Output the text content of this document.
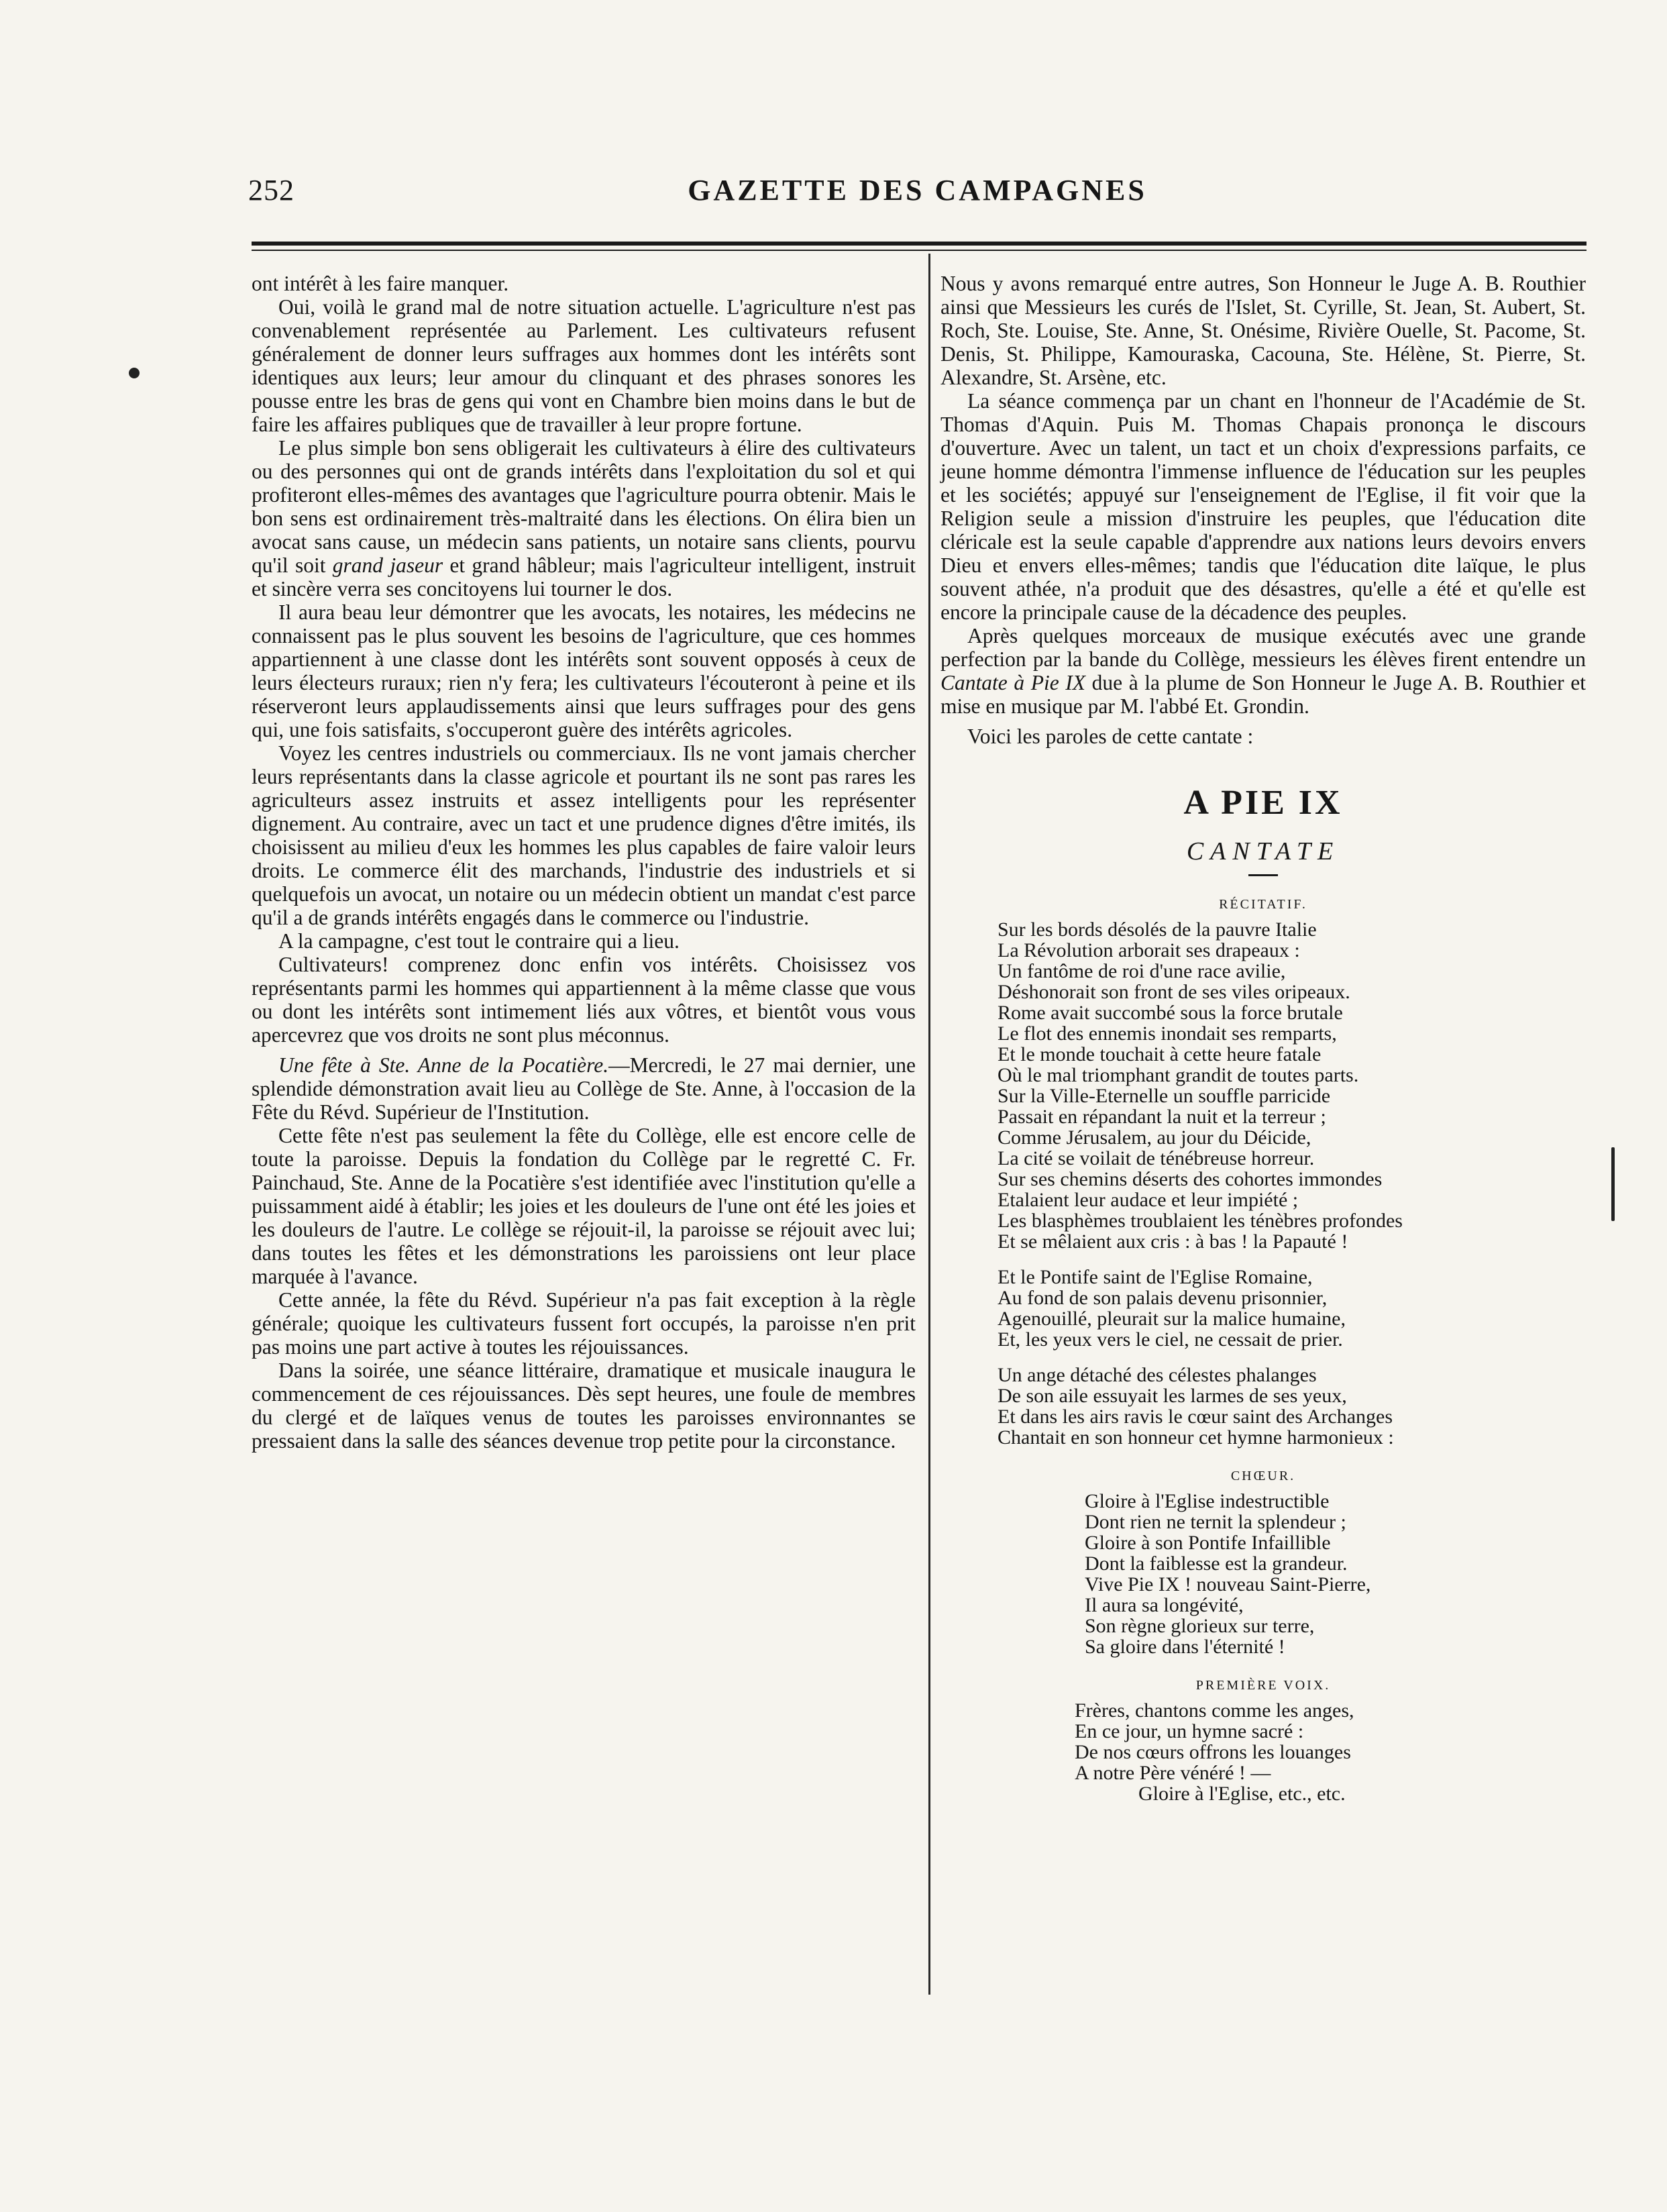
252	GAZETTE DES CAMPAGNES

ont intérêt à les faire manquer.

Oui, voilà le grand mal de notre situation actuelle. L'agriculture n'est pas convenablement représentée au Parlement. Les cultivateurs refusent généralement de donner leurs suffrages aux hommes dont les intérêts sont identiques aux leurs; leur amour du clinquant et des phrases sonores les pousse entre les bras de gens qui vont en Chambre bien moins dans le but de faire les affaires publiques que de travailler à leur propre fortune.

Le plus simple bon sens obligerait les cultivateurs à élire des cultivateurs ou des personnes qui ont de grands intérêts dans l'exploitation du sol et qui profiteront elles-mêmes des avantages que l'agriculture pourra obtenir. Mais le bon sens est ordinairement très-maltraité dans les élections. On élira bien un avocat sans cause, un médecin sans patients, un notaire sans clients, pourvu qu'il soit grand jaseur et grand hâbleur; mais l'agriculteur intelligent, instruit et sincère verra ses concitoyens lui tourner le dos.

Il aura beau leur démontrer que les avocats, les notaires, les médecins ne connaissent pas le plus souvent les besoins de l'agriculture, que ces hommes appartiennent à une classe dont les intérêts sont souvent opposés à ceux de leurs électeurs ruraux; rien n'y fera; les cultivateurs l'écouteront à peine et ils réserveront leurs applaudissements ainsi que leurs suffrages pour des gens qui, une fois satisfaits, s'occuperont guère des intérêts agricoles.

Voyez les centres industriels ou commerciaux. Ils ne vont jamais chercher leurs représentants dans la classe agricole et pourtant ils ne sont pas rares les agriculteurs assez instruits et assez intelligents pour les représenter dignement. Au contraire, avec un tact et une prudence dignes d'être imités, ils choisissent au milieu d'eux les hommes les plus capables de faire valoir leurs droits. Le commerce élit des marchands, l'industrie des industriels et si quelquefois un avocat, un notaire ou un médecin obtient un mandat c'est parce qu'il a de grands intérêts engagés dans le commerce ou l'industrie.

A la campagne, c'est tout le contraire qui a lieu.

Cultivateurs! comprenez donc enfin vos intérêts. Choisissez vos représentants parmi les hommes qui appartiennent à la même classe que vous ou dont les intérêts sont intimement liés aux vôtres, et bientôt vous vous apercevrez que vos droits ne sont plus méconnus.

Une fête à Ste. Anne de la Pocatière.—Mercredi, le 27 mai dernier, une splendide démonstration avait lieu au Collège de Ste. Anne, à l'occasion de la Fête du Révd. Supérieur de l'Institution.

Cette fête n'est pas seulement la fête du Collège, elle est encore celle de toute la paroisse. Depuis la fondation du Collège par le regretté C. Fr. Painchaud, Ste. Anne de la Pocatière s'est identifiée avec l'institution qu'elle a puissamment aidé à établir; les joies et les douleurs de l'une ont été les joies et les douleurs de l'autre. Le collège se réjouit-il, la paroisse se réjouit avec lui; dans toutes les fêtes et les démonstrations les paroissiens ont leur place marquée à l'avance.

Cette année, la fête du Révd. Supérieur n'a pas fait exception à la règle générale; quoique les cultivateurs fussent fort occupés, la paroisse n'en prit pas moins une part active à toutes les réjouissances.

Dans la soirée, une séance littéraire, dramatique et musicale inaugura le commencement de ces réjouissances. Dès sept heures, une foule de membres du clergé et de laïques venus de toutes les paroisses environnantes se pressaient dans la salle des séances devenue trop petite pour la circonstance.

Nous y avons remarqué entre autres, Son Honneur le Juge A. B. Routhier ainsi que Messieurs les curés de l'Islet, St. Cyrille, St. Jean, St. Aubert, St. Roch, Ste. Louise, Ste. Anne, St. Onésime, Rivière Ouelle, St. Pacome, St. Denis, St. Philippe, Kamouraska, Cacouna, Ste. Hélène, St. Pierre, St. Alexandre, St. Arsène, etc.

La séance commença par un chant en l'honneur de l'Académie de St. Thomas d'Aquin. Puis M. Thomas Chapais prononça le discours d'ouverture. Avec un talent, un tact et un choix d'expressions parfaits, ce jeune homme démontra l'immense influence de l'éducation sur les peuples et les sociétés; appuyé sur l'enseignement de l'Eglise, il fit voir que la Religion seule a mission d'instruire les peuples, que l'éducation dite cléricale est la seule capable d'apprendre aux nations leurs devoirs envers Dieu et envers elles-mêmes; tandis que l'éducation dite laïque, le plus souvent athée, n'a produit que des désastres, qu'elle a été et qu'elle est encore la principale cause de la décadence des peuples.

Après quelques morceaux de musique exécutés avec une grande perfection par la bande du Collège, messieurs les élèves firent entendre un Cantate à Pie IX due à la plume de Son Honneur le Juge A. B. Routhier et mise en musique par M. l'abbé Et. Grondin.

Voici les paroles de cette cantate :

A PIE IX
CANTATE
RÉCITATIF.
Sur les bords désolés de la pauvre Italie
La Révolution arborait ses drapeaux :
Un fantôme de roi d'une race avilie,
Déshonorait son front de ses viles oripeaux.
Rome avait succombé sous la force brutale
Le flot des ennemis inondait ses remparts,
Et le monde touchait à cette heure fatale
Où le mal triomphant grandit de toutes parts.
Sur la Ville-Eternelle un souffle parricide
Passait en répandant la nuit et la terreur ;
Comme Jérusalem, au jour du Déicide,
La cité se voilait de ténébreuse horreur.
Sur ses chemins déserts des cohortes immondes
Etalaient leur audace et leur impiété ;
Les blasphèmes troublaient les ténèbres profondes
Et se mêlaient aux cris : à bas ! la Papauté !
Et le Pontife saint de l'Eglise Romaine,
Au fond de son palais devenu prisonnier,
Agenouillé, pleurait sur la malice humaine,
Et, les yeux vers le ciel, ne cessait de prier.
Un ange détaché des célestes phalanges
De son aile essuyait les larmes de ses yeux,
Et dans les airs ravis le cœur saint des Archanges
Chantait en son honneur cet hymne harmonieux :
CHŒUR.
Gloire à l'Eglise indestructible
Dont rien ne ternit la splendeur ;
Gloire à son Pontife Infaillible
Dont la faiblesse est la grandeur.
Vive Pie IX ! nouveau Saint-Pierre,
Il aura sa longévité,
Son règne glorieux sur terre,
Sa gloire dans l'éternité !
PREMIÈRE VOIX.
Frères, chantons comme les anges,
En ce jour, un hymne sacré :
De nos cœurs offrons les louanges
A notre Père vénéré ! —
Gloire à l'Eglise, etc., etc.
